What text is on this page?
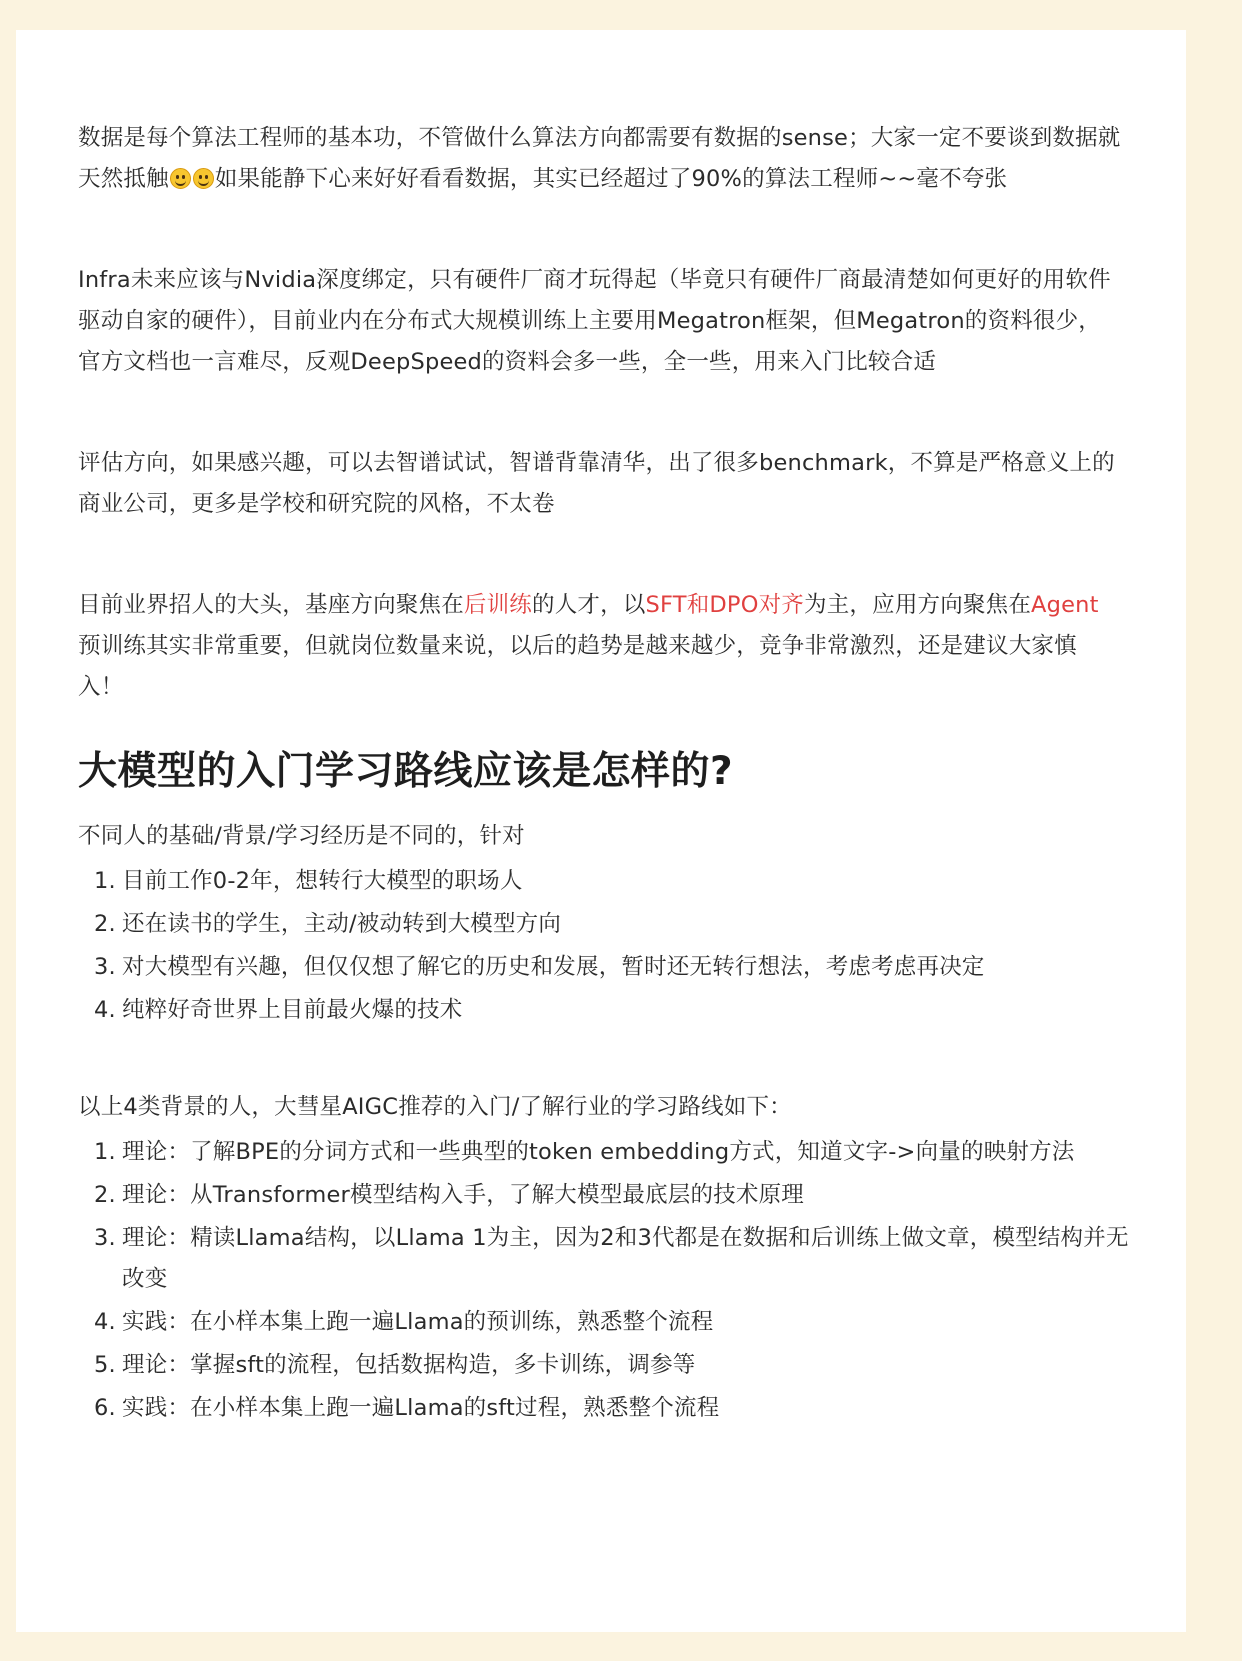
数据是每个算法工程师的基本功，不管做什么算法方向都需要有数据的sense；大家一定不要谈到数据就

天然抵触 如果能静下心来好好看看数据，其实已经超过了90%的算法工程师~~毫不夸张

Infra未来应该与Nvidia深度绑定，只有硬件厂商才玩得起（毕竟只有硬件厂商最清楚如何更好的用软件

驱动自家的硬件），目前业内在分布式大规模训练上主要用Megatron框架，但Megatron的资料很少，

官方文档也一言难尽，反观DeepSpeed的资料会多一些，全一些，用来入门比较合适

评估方向，如果感兴趣，可以去智谱试试，智谱背靠清华，出了很多benchmark，不算是严格意义上的

商业公司，更多是学校和研究院的风格，不太卷

目前业界招人的大头，基座方向聚焦在后训练的人才，以SFT和DPO对齐为主，应用方向聚焦在Agent

预训练其实非常重要，但就岗位数量来说，以后的趋势是越来越少，竞争非常激烈，还是建议大家慎

入！

大模型的入门学习路线应该是怎样的?

不同人的基础/背景/学习经历是不同的，针对

1. 目前工作0-2年，想转行大模型的职场人
2. 还在读书的学生，主动/被动转到大模型方向
3. 对大模型有兴趣，但仅仅想了解它的历史和发展，暂时还无转行想法，考虑考虑再决定
4. 纯粹好奇世界上目前最火爆的技术

以上4类背景的人，大彗星AIGC推荐的入门/了解行业的学习路线如下：

1. 理论：了解BPE的分词方式和一些典型的token embedding方式，知道文字->向量的映射方法
2. 理论：从Transformer模型结构入手，了解大模型最底层的技术原理
3. 理论：精读Llama结构，以Llama 1为主，因为2和3代都是在数据和后训练上做文章，模型结构并无
改变
4. 实践：在小样本集上跑一遍Llama的预训练，熟悉整个流程
5. 理论：掌握sft的流程，包括数据构造，多卡训练，调参等
6. 实践：在小样本集上跑一遍Llama的sft过程，熟悉整个流程
